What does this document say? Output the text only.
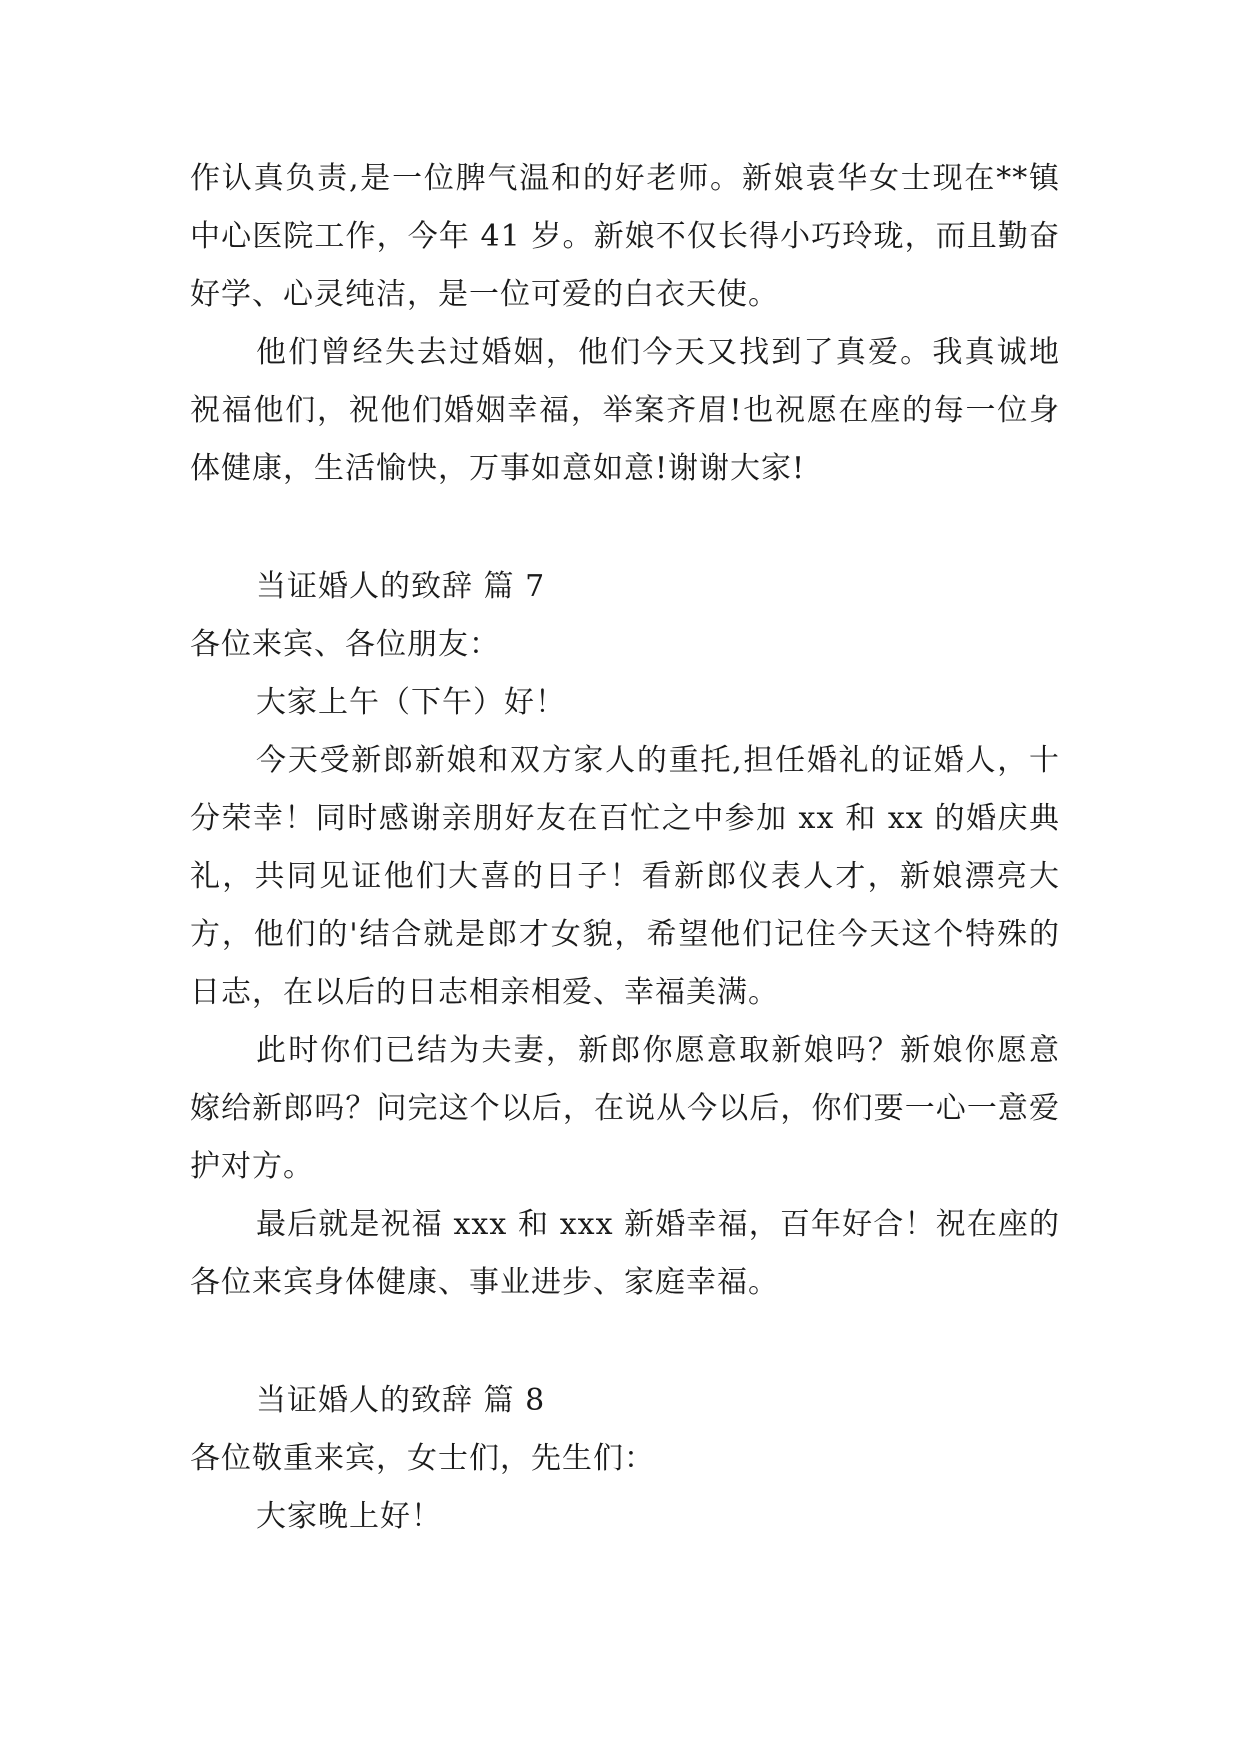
作认真负责,是一位脾气温和的好老师。新娘袁华女士现在**镇中心医院工作，今年 41 岁。新娘不仅长得小巧玲珑，而且勤奋好学、心灵纯洁，是一位可爱的白衣天使。

他们曾经失去过婚姻，他们今天又找到了真爱。我真诚地祝福他们，祝他们婚姻幸福，举案齐眉!也祝愿在座的每一位身体健康，生活愉快，万事如意如意!谢谢大家!

当证婚人的致辞 篇 7

各位来宾、各位朋友：

大家上午（下午）好！

今天受新郎新娘和双方家人的重托,担任婚礼的证婚人，十分荣幸！同时感谢亲朋好友在百忙之中参加 xx 和 xx 的婚庆典礼，共同见证他们大喜的日子！看新郎仪表人才，新娘漂亮大方，他们的'结合就是郎才女貌，希望他们记住今天这个特殊的日志，在以后的日志相亲相爱、幸福美满。

此时你们已结为夫妻，新郎你愿意取新娘吗？新娘你愿意嫁给新郎吗？问完这个以后，在说从今以后，你们要一心一意爱护对方。

最后就是祝福 xxx 和 xxx 新婚幸福，百年好合！祝在座的各位来宾身体健康、事业进步、家庭幸福。

当证婚人的致辞 篇 8

各位敬重来宾，女士们，先生们：

大家晚上好！
